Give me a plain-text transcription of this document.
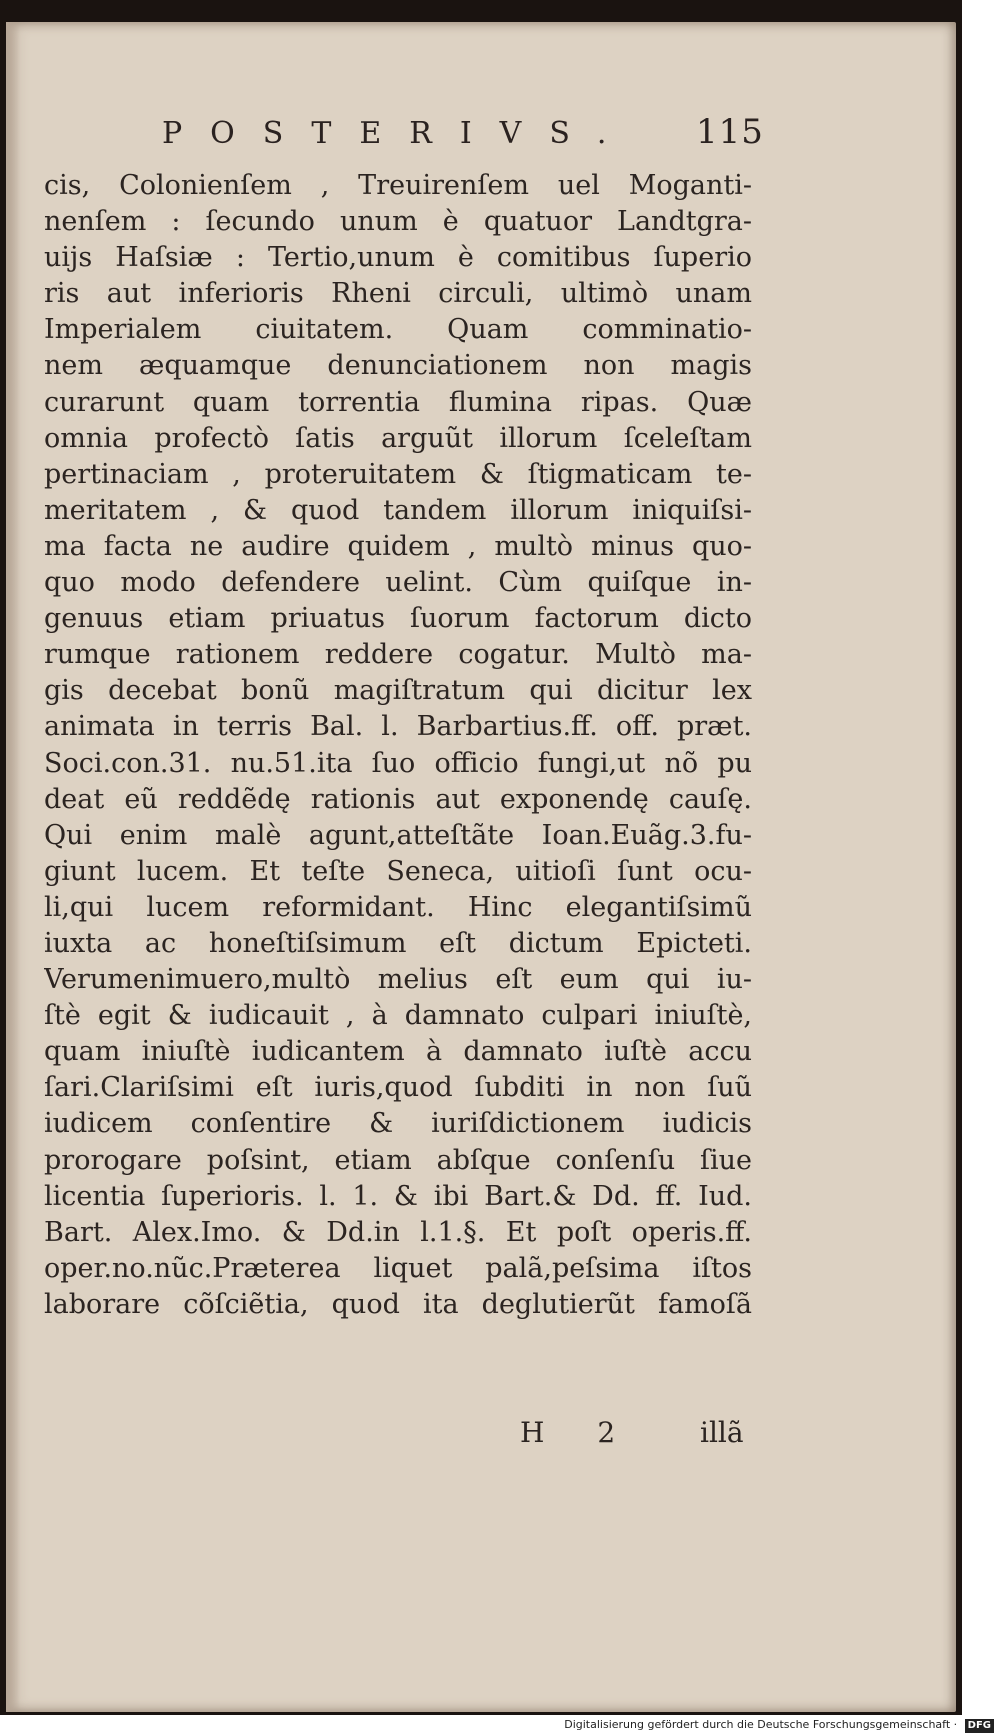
POSTERIVS.	115
cis, Colonienſem , Treuirenſem uel Moganti-
nenſem : ſecundo unum è quatuor Landtgra-
uijs Haſsiæ : Tertio,unum è comitibus ſuperio
ris aut inferioris Rheni circuli, ultimò unam
Imperialem ciuitatem. Quam comminatio-
nem æquamque denunciationem non magis
curarunt quam torrentia flumina ripas. Quæ
omnia profectò ſatis arguũt illorum ſceleſtam
pertinaciam , proteruitatem & ſtigmaticam te-
meritatem , & quod tandem illorum iniquiſsi-
ma facta ne audire quidem , multò minus quo-
quo modo defendere uelint. Cùm quiſque in-
genuus etiam priuatus ſuorum factorum dicto
rumque rationem reddere cogatur. Multò ma-
gis decebat bonũ magiſtratum qui dicitur lex
animata in terris Bal. l. Barbartius.ff. off. præt.
Soci.con.31. nu.51.ita ſuo officio fungi,ut nõ pu
deat eũ reddẽdę rationis aut exponendę cauſę.
Qui enim malè agunt,atteſtãte Ioan.Euãg.3.fu-
giunt lucem. Et teſte Seneca, uitioſi ſunt ocu-
li,qui lucem reformidant. Hinc elegantiſsimũ
iuxta ac honeſtiſsimum eſt dictum Epicteti.
Verumenimuero,multò melius eſt eum qui iu-
ſtè egit & iudicauit , à damnato culpari iniuſtè,
quam iniuſtè iudicantem à damnato iuſtè accu
ſari.Clariſsimi eſt iuris,quod ſubditi in non ſuũ
iudicem conſentire & iuriſdictionem iudicis
prorogare poſsint, etiam abſque conſenſu ſiue
licentia ſuperioris. l. 1. & ibi Bart.& Dd. ff. Iud.
Bart. Alex.Imo. & Dd.in l.1.§. Et poſt operis.ff.
oper.no.nũc.Prӕterea liquet palã,peſsima iſtos
laborare cõſciẽtia, quod ita deglutierũt famoſã
H 2 illã
Digitalisierung gefördert durch die Deutsche Forschungsgemeinschaft · DFG
